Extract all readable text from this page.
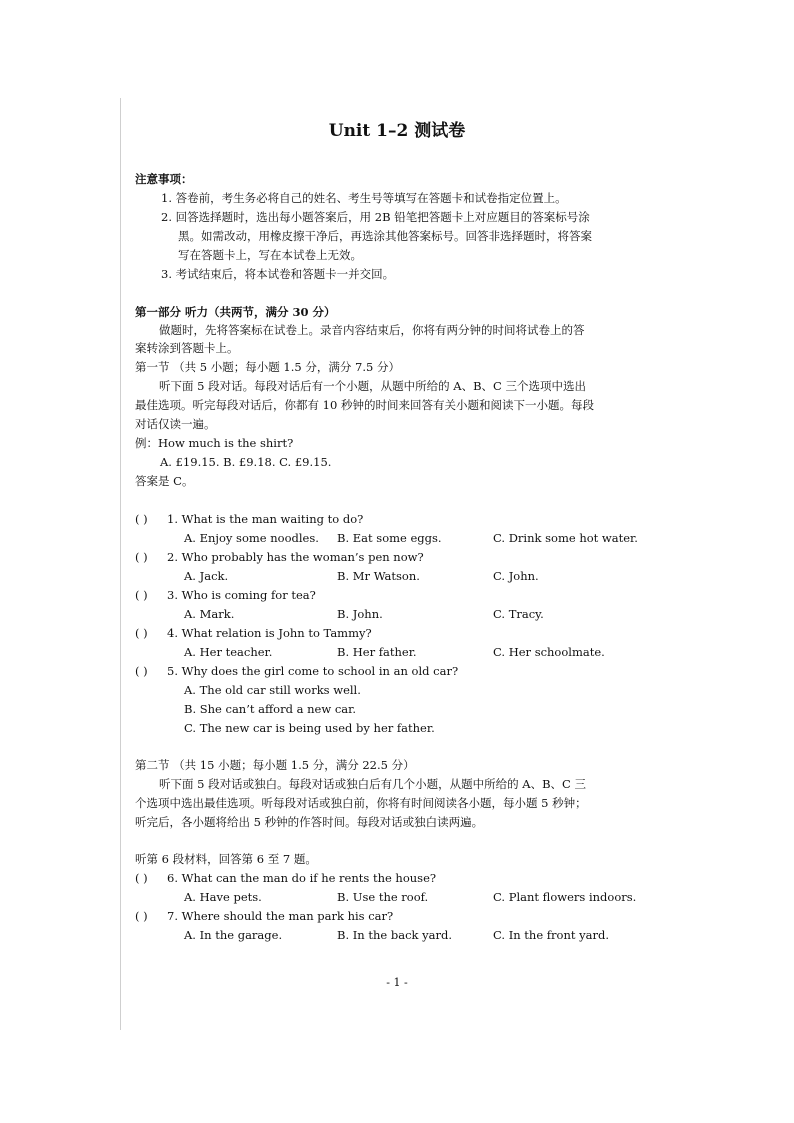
Unit 1–2 测试卷
注意事项：
1. 答卷前，考生务必将自己的姓名、考生号等填写在答题卡和试卷指定位置上。
2. 回答选择题时，选出每小题答案后，用 2B 铅笔把答题卡上对应题目的答案标号涂
黑。如需改动，用橡皮擦干净后，再选涂其他答案标号。回答非选择题时，将答案
写在答题卡上，写在本试卷上无效。
3. 考试结束后，将本试卷和答题卡一并交回。
第一部分 听力（共两节，满分 30 分）
做题时，先将答案标在试卷上。录音内容结束后，你将有两分钟的时间将试卷上的答
案转涂到答题卡上。
第一节 （共 5 小题；每小题 1.5 分，满分 7.5 分）
听下面 5 段对话。每段对话后有一个小题，从题中所给的 A、B、C 三个选项中选出
最佳选项。听完每段对话后，你都有 10 秒钟的时间来回答有关小题和阅读下一小题。每段
对话仅读一遍。
例：How much is the shirt?
A. £19.15. B. £9.18. C. £9.15.
答案是 C。
( ) 1. What is the man waiting to do?
A. Enjoy some noodles. B. Eat some eggs.	C. Drink some hot water.
( ) 2. Who probably has the woman’s pen now?
A. Jack.	B. Mr Watson.	C. John.
( ) 3. Who is coming for tea?
A. Mark.	B. John.	C. Tracy.
( ) 4. What relation is John to Tammy?
A. Her teacher.	B. Her father.	C. Her schoolmate.
( ) 5. Why does the girl come to school in an old car?
A. The old car still works well.
B. She can’t afford a new car.
C. The new car is being used by her father.
第二节 （共 15 小题；每小题 1.5 分，满分 22.5 分）
听下面 5 段对话或独白。每段对话或独白后有几个小题，从题中所给的 A、B、C 三
个选项中选出最佳选项。听每段对话或独白前，你将有时间阅读各小题，每小题 5 秒钟；
听完后，各小题将给出 5 秒钟的作答时间。每段对话或独白读两遍。
听第 6 段材料，回答第 6 至 7 题。
( ) 6. What can the man do if he rents the house?
A. Have pets.	B. Use the roof.	C. Plant flowers indoors.
( ) 7. Where should the man park his car?
A. In the garage.	B. In the back yard.	C. In the front yard.
- 1 -
